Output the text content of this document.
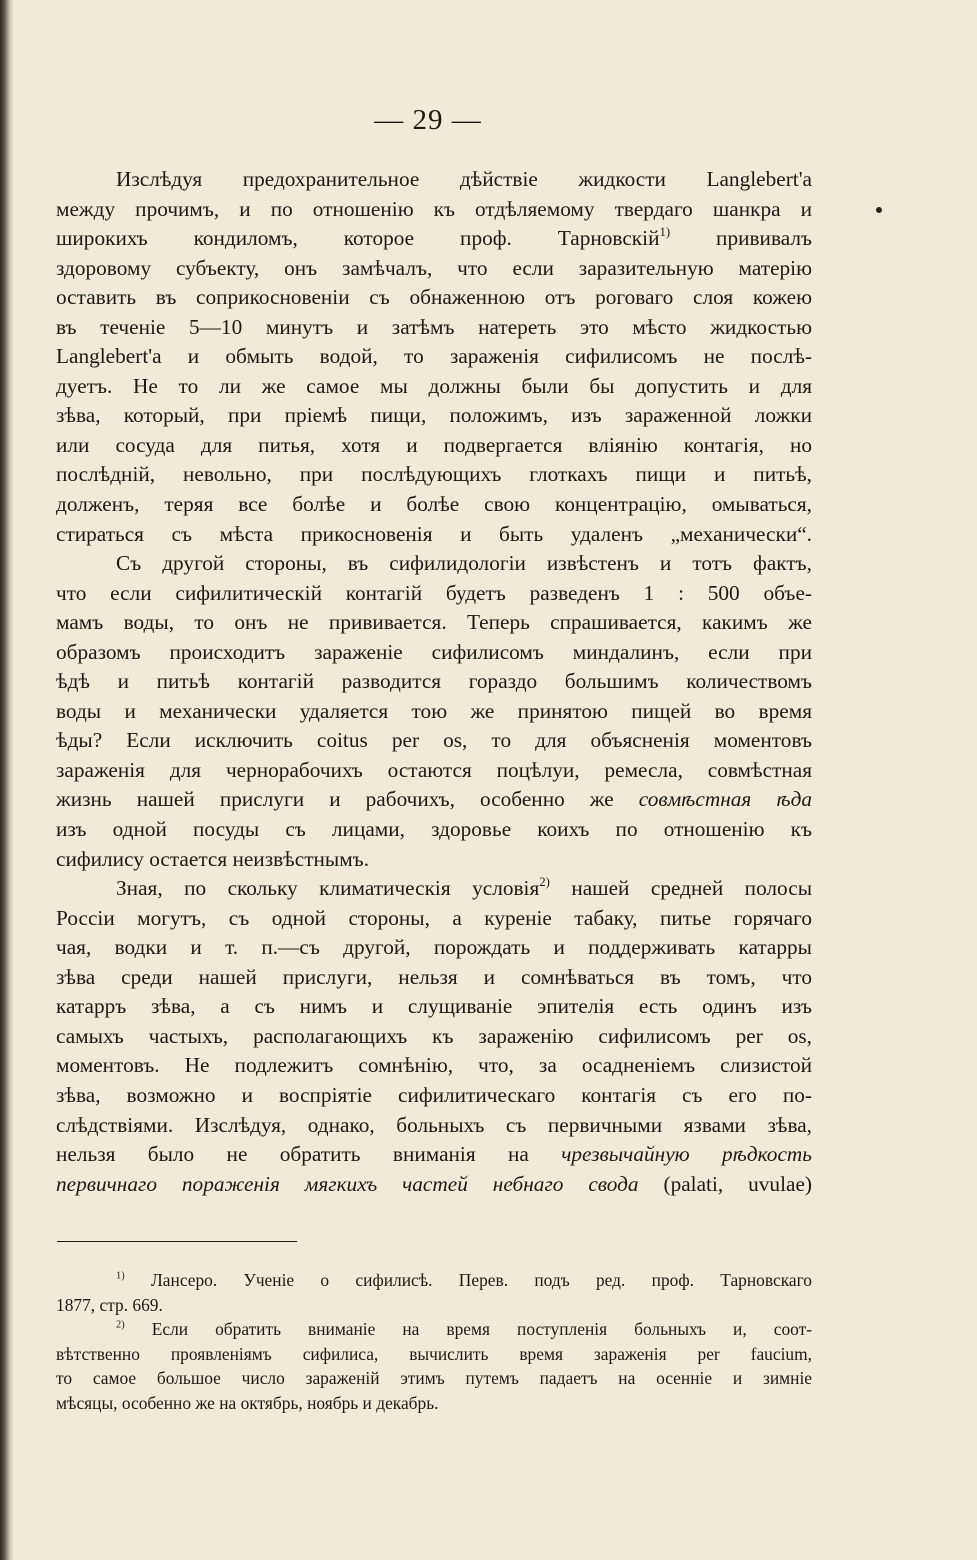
— 29 —

Изслѣдуя предохранительное дѣйствіе жидкости Langlebert'а
между прочимъ, и по отношенію къ отдѣляемому твердаго шанкра и
широкихъ кондиломъ, которое проф. Тарновскій$^{1)}$ прививалъ
здоровому субъекту, онъ замѣчалъ, что если заразительную матерію
оставить въ соприкосновеніи съ обнаженною отъ роговаго слоя кожею
въ теченіе 5—10 минутъ и затѣмъ натереть это мѣсто жидкостью
Langlebert'а и обмыть водой, то зараженія сифилисомъ не послѣ-
дуетъ. Не то ли же самое мы должны были бы допустить и для
зѣва, который, при пріемѣ пищи, положимъ, изъ зараженной ложки
или сосуда для питья, хотя и подвергается вліянію контагія, но
послѣдній, невольно, при послѣдующихъ глоткахъ пищи и питьѣ,
долженъ, теряя все болѣе и болѣе свою концентрацію, омываться,
стираться съ мѣста прикосновенія и быть удаленъ „механически“.

Съ другой стороны, въ сифилидологіи извѣстенъ и тотъ фактъ,
что если сифилитическій контагій будетъ разведенъ 1 : 500 объе-
мамъ воды, то онъ не прививается. Теперь спрашивается, какимъ же
образомъ происходитъ зараженіе сифилисомъ миндалинъ, если при
ѣдѣ и питьѣ контагій разводится гораздо большимъ количествомъ
воды и механически удаляется тою же принятою пищей во время
ѣды? Если исключить coitus per os, то для объясненія моментовъ
зараженія для чернорабочихъ остаются поцѣлуи, ремесла, совмѣстная
жизнь нашей прислуги и рабочихъ, особенно же совмѣстная ѣда
изъ одной посуды съ лицами, здоровье коихъ по отношенію къ
сифилису остается неизвѣстнымъ.

Зная, по скольку климатическія условія$^{2)}$ нашей средней полосы
Россіи могутъ, съ одной стороны, а куреніе табаку, питье горячаго
чая, водки и т. п.—съ другой, порождать и поддерживать катарры
зѣва среди нашей прислуги, нельзя и сомнѣваться въ томъ, что
катарръ зѣва, а съ нимъ и слущиваніе эпителія есть одинъ изъ
самыхъ частыхъ, располагающихъ къ зараженію сифилисомъ per os,
моментовъ. Не подлежитъ сомнѣнію, что, за осадненіемъ слизистой
зѣва, возможно и воспріятіе сифилитическаго контагія съ его по-
слѣдствіями. Изслѣдуя, однако, больныхъ съ первичными язвами зѣва,
нельзя было не обратить вниманія на чрезвычайную рѣдкость
первичнаго пораженія мягкихъ частей небнаго свода (palati, uvulae)

$^{1)}$ Лансеро. Ученіе о сифилисѣ. Перев. подъ ред. проф. Тарновскаго
1877, стр. 669.
$^{2)}$ Если обратить вниманіе на время поступленія больныхъ и, соот-
вѣтственно проявленіямъ сифилиса, вычислить время зараженія per faucium,
то самое большое число зараженій этимъ путемъ падаетъ на осенніе и зимніе
мѣсяцы, особенно же на октябрь, ноябрь и декабрь.
